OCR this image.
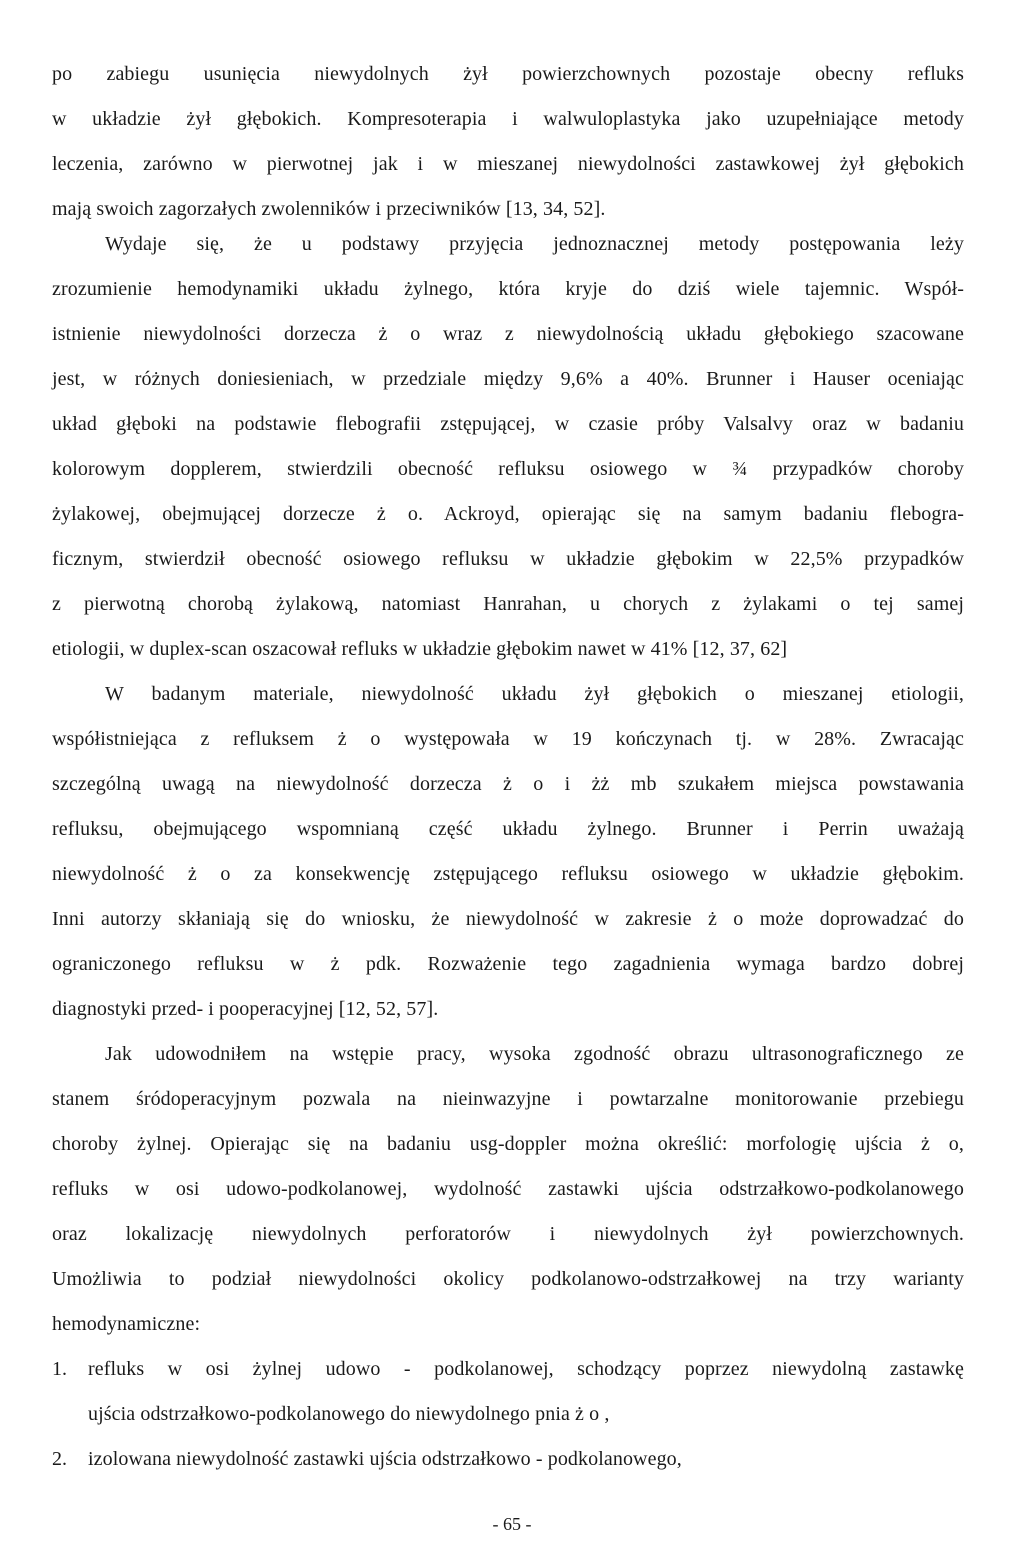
po zabiegu usunięcia niewydolnych żył powierzchownych pozostaje obecny refluks
w układzie żył głębokich. Kompresoterapia i walwuloplastyka jako uzupełniające metody
leczenia, zarówno w pierwotnej jak i w mieszanej niewydolności zastawkowej żył głębokich
mają swoich zagorzałych zwolenników i przeciwników [13, 34, 52].
Wydaje się, że u podstawy przyjęcia jednoznacznej metody postępowania leży
zrozumienie hemodynamiki układu żylnego, która kryje do dziś wiele tajemnic. Współ-
istnienie niewydolności dorzecza ż o wraz z niewydolnością układu głębokiego szacowane
jest, w różnych doniesieniach, w przedziale między 9,6% a 40%. Brunner i Hauser oceniając
układ głęboki na podstawie flebografii zstępującej, w czasie próby Valsalvy oraz w badaniu
kolorowym dopplerem, stwierdzili obecność refluksu osiowego w ¾ przypadków choroby
żylakowej, obejmującej dorzecze ż o. Ackroyd, opierając się na samym badaniu flebogra-
ficznym, stwierdził obecność osiowego refluksu w układzie głębokim w 22,5% przypadków
z pierwotną chorobą żylakową, natomiast Hanrahan, u chorych z żylakami o tej samej
etiologii, w duplex-scan oszacował refluks w układzie głębokim nawet w 41% [12, 37, 62]
W badanym materiale, niewydolność układu żył głębokich o mieszanej etiologii,
współistniejąca z refluksem ż o występowała w 19 kończynach tj. w 28%. Zwracając
szczególną uwagą na niewydolność dorzecza ż o i żż mb szukałem miejsca powstawania
refluksu, obejmującego wspomnianą część układu żylnego. Brunner i Perrin uważają
niewydolność ż o za konsekwencję zstępującego refluksu osiowego w układzie głębokim.
Inni autorzy skłaniają się do wniosku, że niewydolność w zakresie ż o może doprowadzać do
ograniczonego refluksu w ż pdk. Rozważenie tego zagadnienia wymaga bardzo dobrej
diagnostyki przed- i pooperacyjnej [12, 52, 57].
Jak udowodniłem na wstępie pracy, wysoka zgodność obrazu ultrasonograficznego ze
stanem śródoperacyjnym pozwala na nieinwazyjne i powtarzalne monitorowanie przebiegu
choroby żylnej. Opierając się na badaniu usg-doppler można określić: morfologię ujścia ż o,
refluks w osi udowo-podkolanowej, wydolność zastawki ujścia odstrzałkowo-podkolanowego
oraz lokalizację niewydolnych perforatorów i niewydolnych żył powierzchownych.
Umożliwia to podział niewydolności okolicy podkolanowo-odstrzałkowej na trzy warianty
hemodynamiczne:
1. refluks w osi żylnej udowo - podkolanowej, schodzący poprzez niewydolną zastawkę
ujścia odstrzałkowo-podkolanowego do niewydolnego pnia ż o ,
2. izolowana niewydolność zastawki ujścia odstrzałkowo - podkolanowego,
- 65 -
